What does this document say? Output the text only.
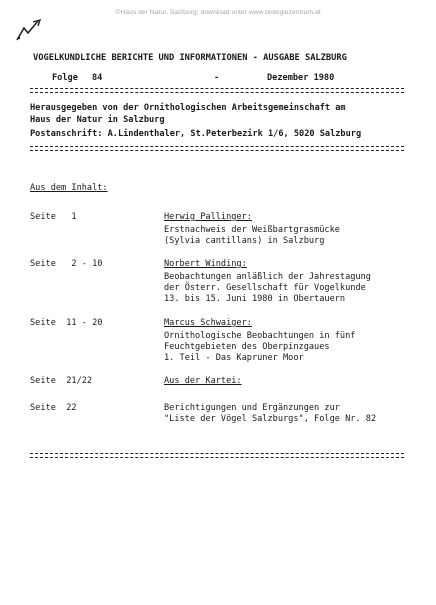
©Haus der Natur, Salzburg; download unter www.biologiezentrum.at
VOGELKUNDLICHE BERICHTE UND INFORMATIONEN - AUSGABE SALZBURG
Folge 84	-	Dezember 1980
Herausgegeben von der Ornithologischen Arbeitsgemeinschaft am
Haus der Natur in Salzburg
Postanschrift: A.Lindenthaler, St.Peterbezirk 1/6, 5020 Salzburg
Aus dem Inhalt:
Seite   1	Herwig Pallinger:
Erstnachweis der Weißbartgrasmücke
(Sylvia cantillans) in Salzburg
Seite   2 - 10	Norbert Winding:
Beobachtungen anläßlich der Jahrestagung
der Österr. Gesellschaft für Vogelkunde
13. bis 15. Juni 1980 in Obertauern
Seite  11 - 20	Marcus Schwaiger:
Ornithologische Beobachtungen in fünf
Feuchtgebieten des Oberpinzgaues
1. Teil - Das Kapruner Moor
Seite  21/22	Aus der Kartei:
Seite  22	Berichtigungen und Ergänzungen zur
"Liste der Vögel Salzburgs", Folge Nr. 82
